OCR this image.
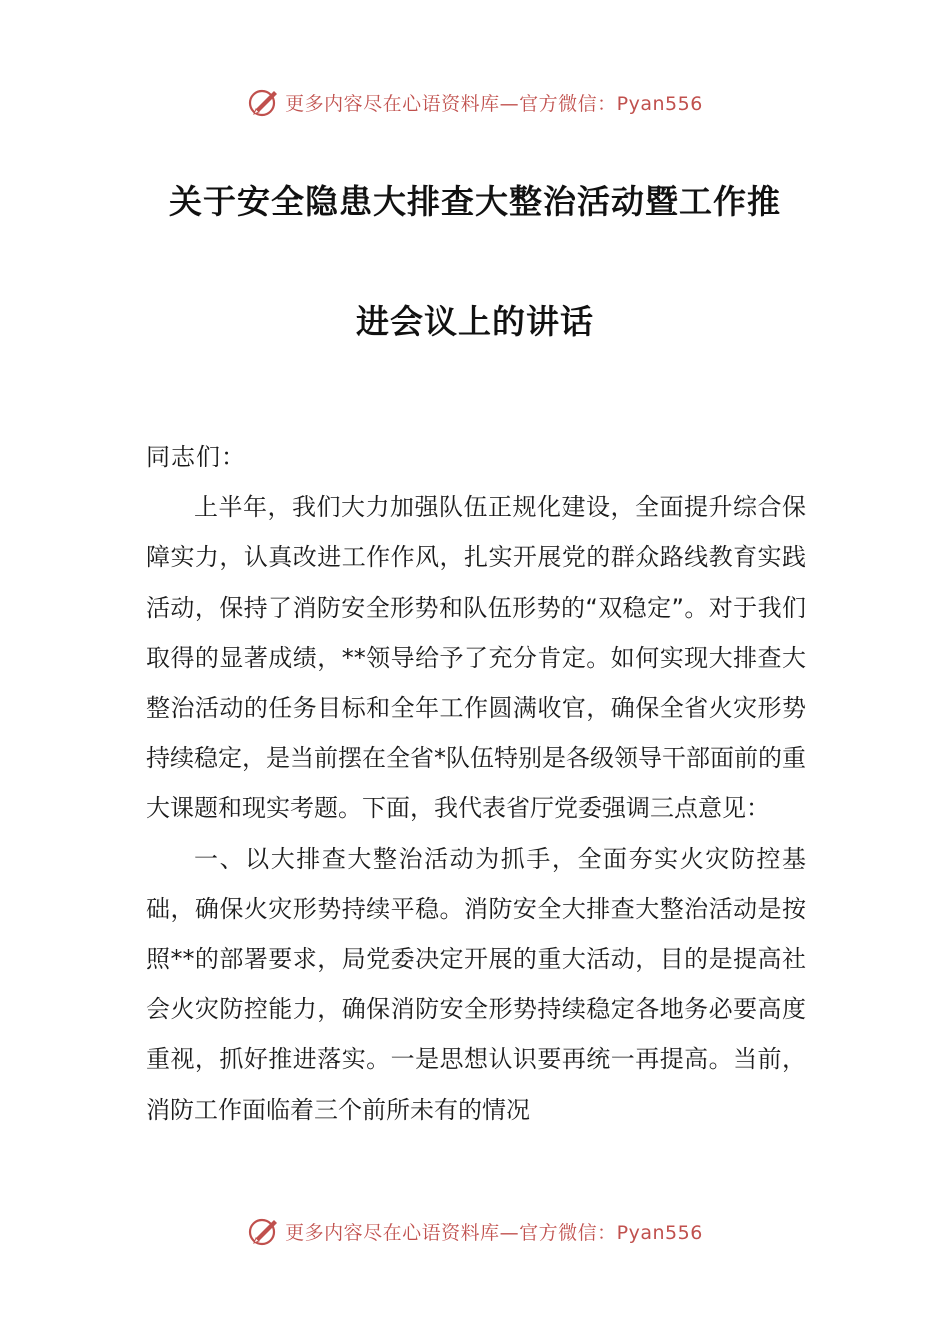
更多内容尽在心语资料库—官方微信：Pyan556
关于安全隐患大排查大整治活动暨工作推
进会议上的讲话

同志们：

上半年，我们大力加强队伍正规化建设，全面提升综合保障实力，认真改进工作作风，扎实开展党的群众路线教育实践活动，保持了消防安全形势和队伍形势的“双稳定”。对于我们取得的显著成绩，**领导给予了充分肯定。如何实现大排查大整治活动的任务目标和全年工作圆满收官，确保全省火灾形势持续稳定，是当前摆在全省*队伍特别是各级领导干部面前的重大课题和现实考题。下面，我代表省厅党委强调三点意见：

一、以大排查大整治活动为抓手，全面夯实火灾防控基础，确保火灾形势持续平稳。消防安全大排查大整治活动是按照**的部署要求，局党委决定开展的重大活动，目的是提高社会火灾防控能力，确保消防安全形势持续稳定各地务必要高度重视，抓好推进落实。一是思想认识要再统一再提高。当前，消防工作面临着三个前所未有的情况

更多内容尽在心语资料库—官方微信：Pyan556
